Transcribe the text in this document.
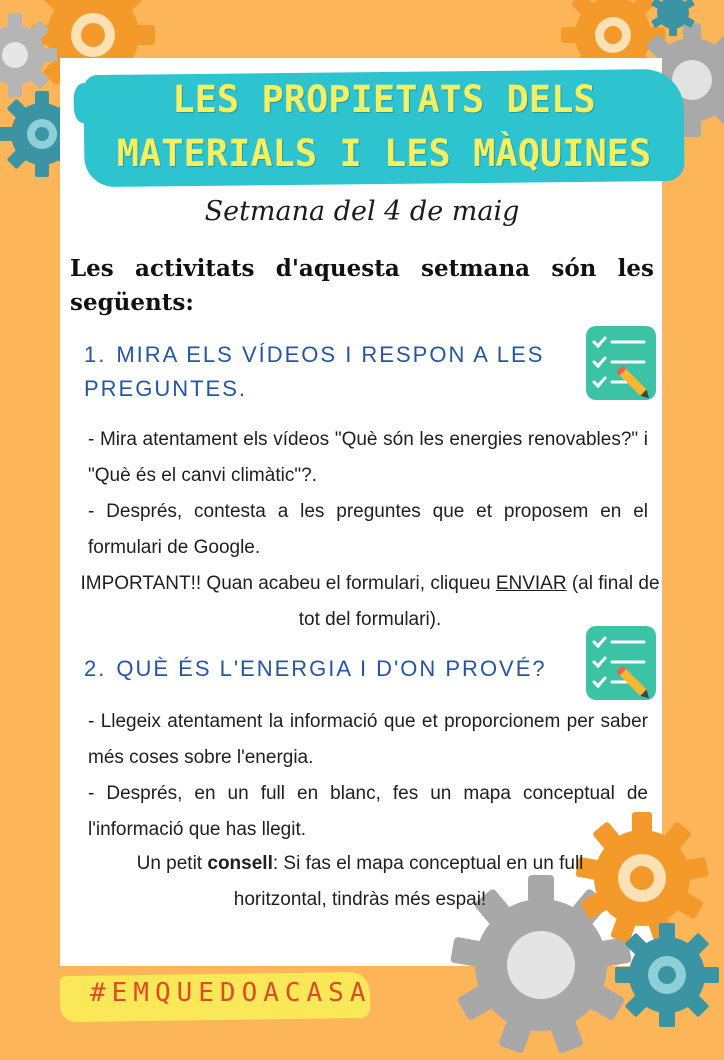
LES PROPIETATS DELS
MATERIALS I LES MÀQUINES
Setmana del 4 de maig
Les activitats d'aquesta setmana són les següents:
1. MIRA ELS VÍDEOS I RESPON A LES PREGUNTES.
- Mira atentament els vídeos "Què són les energies renovables?" i "Què és el canvi climàtic"?.
- Després, contesta a les preguntes que et proposem en el formulari de Google.
IMPORTANT!! Quan acabeu el formulari, cliqueu ENVIAR (al final de tot del formulari).
2. QUÈ ÉS L'ENERGIA I D'ON PROVÉ?
- Llegeix atentament la informació que et proporcionem per saber més coses sobre l'energia.
- Després, en un full en blanc, fes un mapa conceptual de l'informació que has llegit.
Un petit consell: Si fas el mapa conceptual en un full horitzontal, tindràs més espai!
#EMQUEDOACASA
